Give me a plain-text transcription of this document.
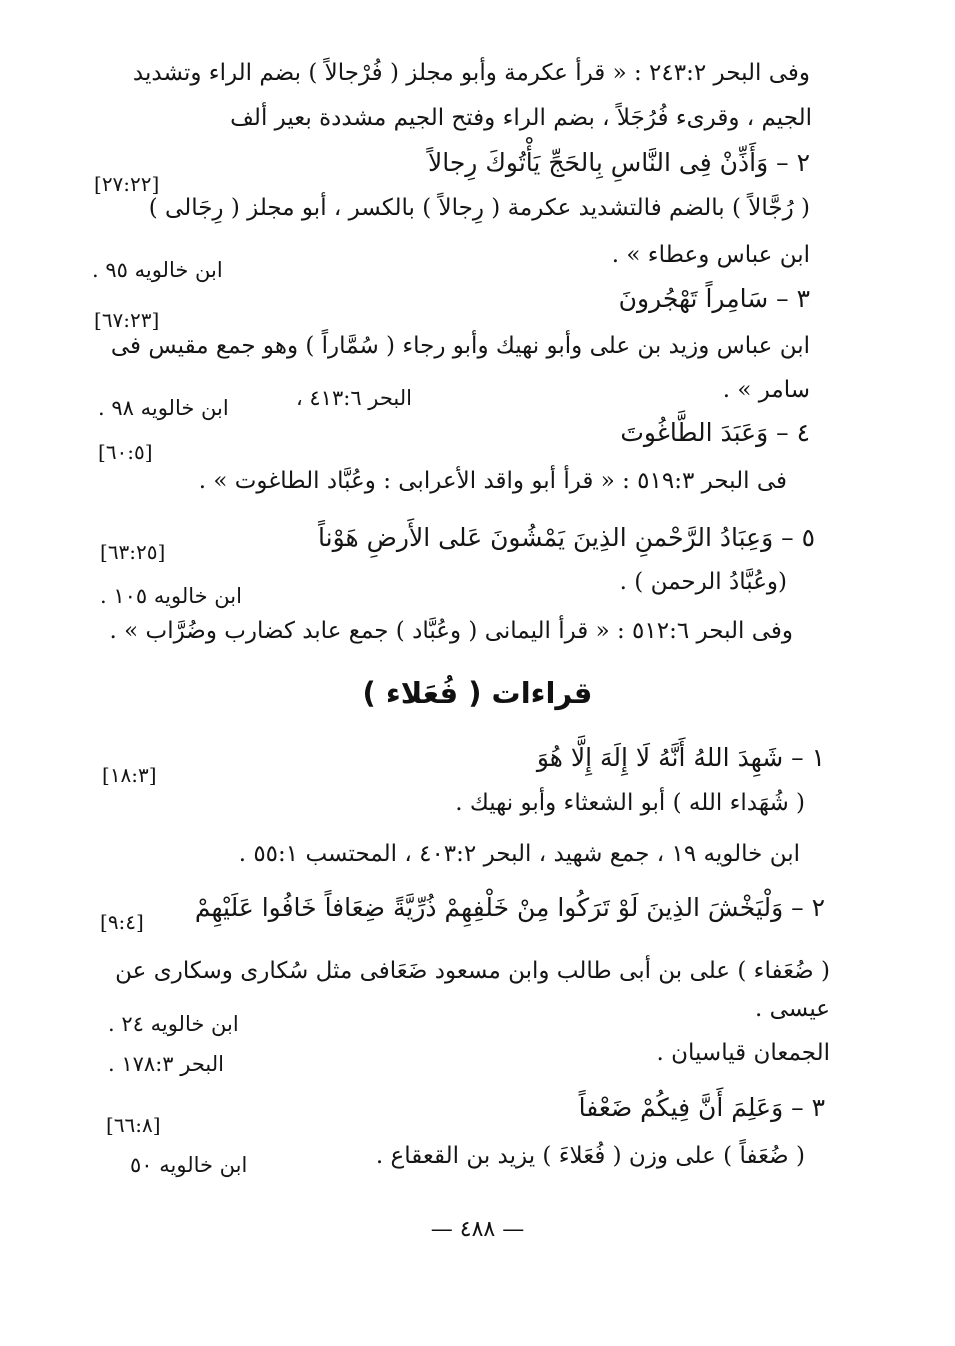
وفى البحر ٢٤٣:٢ : « قرأ عكرمة وأبو مجلز ( فُرْجالاً ) بضم الراء وتشديد
الجيم ، وقرىء فُرُجَلاً ، بضم الراء وفتح الجيم مشددة بعير ألف
٢ – وَأَذِّنْ فِى النَّاسِ بِالحَجِّ يَأْتُوكَ رِجالاً
[٢٧:٢٢]
( رُجَّالاً ) بالضم فالتشديد عكرمة ( رِجالاً ) بالكسر ، أبو مجلز ( رِجَالى )
ابن عباس وعطاء » .
ابن خالويه ٩٥ .
٣ – سَامِراً تَهْجُرونَ
[٦٧:٢٣]
ابن عباس وزيد بن على وأبو نهيك وأبو رجاء ( سُمَّاراً ) وهو جمع مقيس فى
سامر » .
البحر ٤١٣:٦ ،
ابن خالويه ٩٨ .
٤ – وَعَبَدَ الطَّاغُوتَ
[٦٠:٥]
فى البحر ٥١٩:٣ : « قرأ أبو واقد الأعرابى : وعُبَّاد الطاغوت » .
٥ – وَعِبَادُ الرَّحْمنِ الذِينَ يَمْشُونَ عَلى الأَرضِ هَوْناً
[٦٣:٢٥]
(وعُبَّادُ الرحمن ) .
ابن خالويه ١٠٥ .
وفى البحر ٥١٢:٦ : « قرأ اليمانى ( وعُبَّاد ) جمع عابد كضارب وضُرَّاب » .
قراءات ( فُعَلاء )
١ – شَهِدَ اللهُ أَنَّهُ لَا إِلَهَ إِلَّا هُوَ
[١٨:٣]
( شُهَداء الله ) أبو الشعثاء وأبو نهيك .
ابن خالويه ١٩ ، جمع شهيد ، البحر ٤٠٣:٢ ، المحتسب ٥٥:١ .
٢ – وَلْيَخْشَ الذِينَ لَوْ تَرَكُوا مِنْ خَلْفِهِمْ ذُرِّيَّةً ضِعَافاً خَافُوا عَلَيْهِمْ
[٩:٤]
( ضُعَفاء ) على بن أبى طالب وابن مسعود ضَعَافى مثل سُكارى وسكارى عن
عيسى .
ابن خالويه ٢٤ .
الجمعان قياسيان .
البحر ١٧٨:٣ .
٣ – وَعَلِمَ أَنَّ فِيكُمْ ضَعْفاً
[٦٦:٨]
( ضُعَفاً ) على وزن ( فُعَلاءَ ) يزيد بن القعقاع .
ابن خالويه ٥٠
— ٤٨٨ —
